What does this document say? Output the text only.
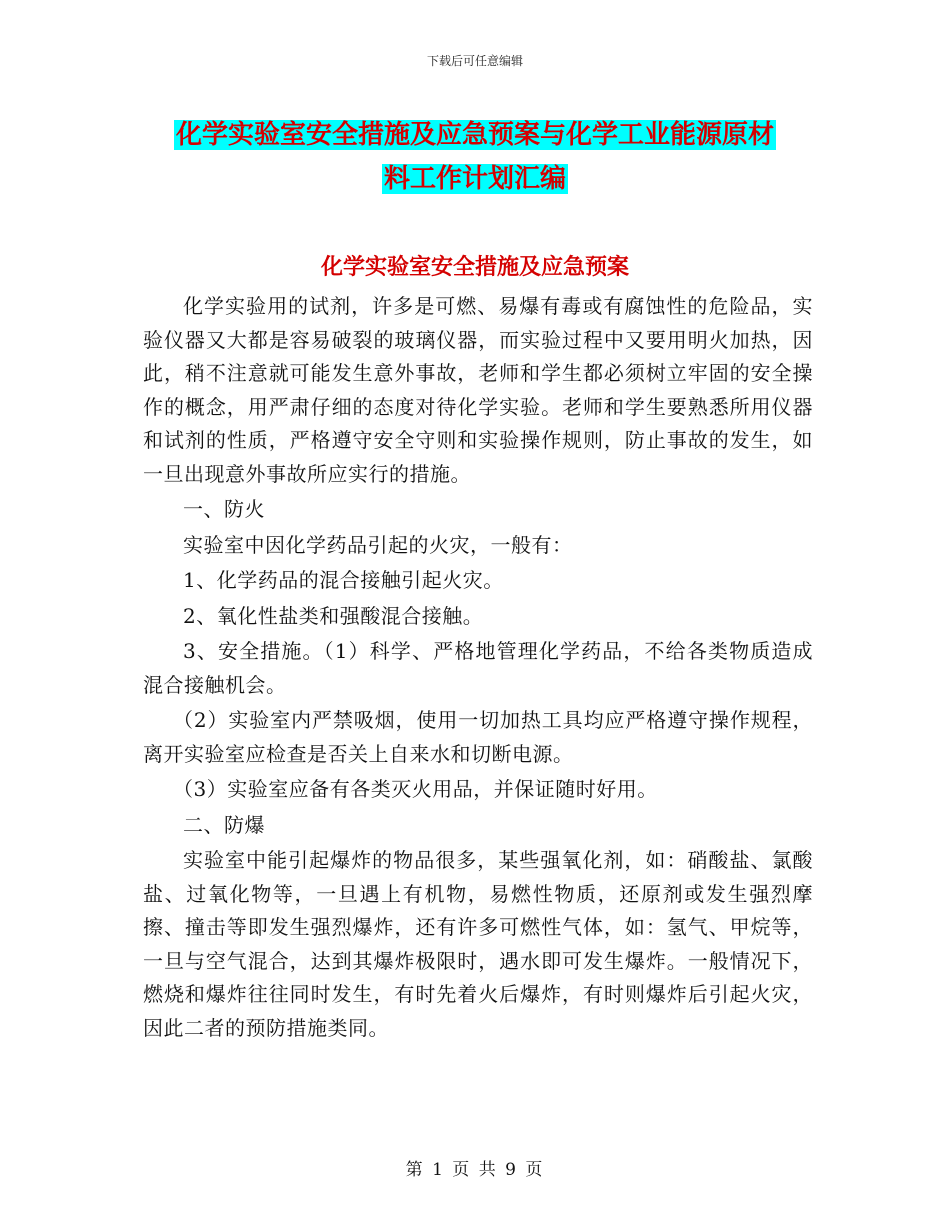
下载后可任意编辑
化学实验室安全措施及应急预案与化学工业能源原材
料工作计划汇编
化学实验室安全措施及应急预案

化学实验用的试剂，许多是可燃、易爆有毒或有腐蚀性的危险品，实验仪器又大都是容易破裂的玻璃仪器，而实验过程中又要用明火加热，因此，稍不注意就可能发生意外事故，老师和学生都必须树立牢固的安全操作的概念，用严肃仔细的态度对待化学实验。老师和学生要熟悉所用仪器和试剂的性质，严格遵守安全守则和实验操作规则，防止事故的发生，如一旦出现意外事故所应实行的措施。

一、防火

实验室中因化学药品引起的火灾，一般有：

1、化学药品的混合接触引起火灾。

2、氧化性盐类和强酸混合接触。

3、安全措施。（1）科学、严格地管理化学药品，不给各类物质造成混合接触机会。

（2）实验室内严禁吸烟，使用一切加热工具均应严格遵守操作规程，离开实验室应检查是否关上自来水和切断电源。

（3）实验室应备有各类灭火用品，并保证随时好用。

二、防爆

实验室中能引起爆炸的物品很多，某些强氧化剂，如：硝酸盐、氯酸盐、过氧化物等，一旦遇上有机物，易燃性物质，还原剂或发生强烈摩擦、撞击等即发生强烈爆炸，还有许多可燃性气体，如：氢气、甲烷等，一旦与空气混合，达到其爆炸极限时，遇水即可发生爆炸。一般情况下，燃烧和爆炸往往同时发生，有时先着火后爆炸，有时则爆炸后引起火灾，因此二者的预防措施类同。

第 1 页 共 9 页
